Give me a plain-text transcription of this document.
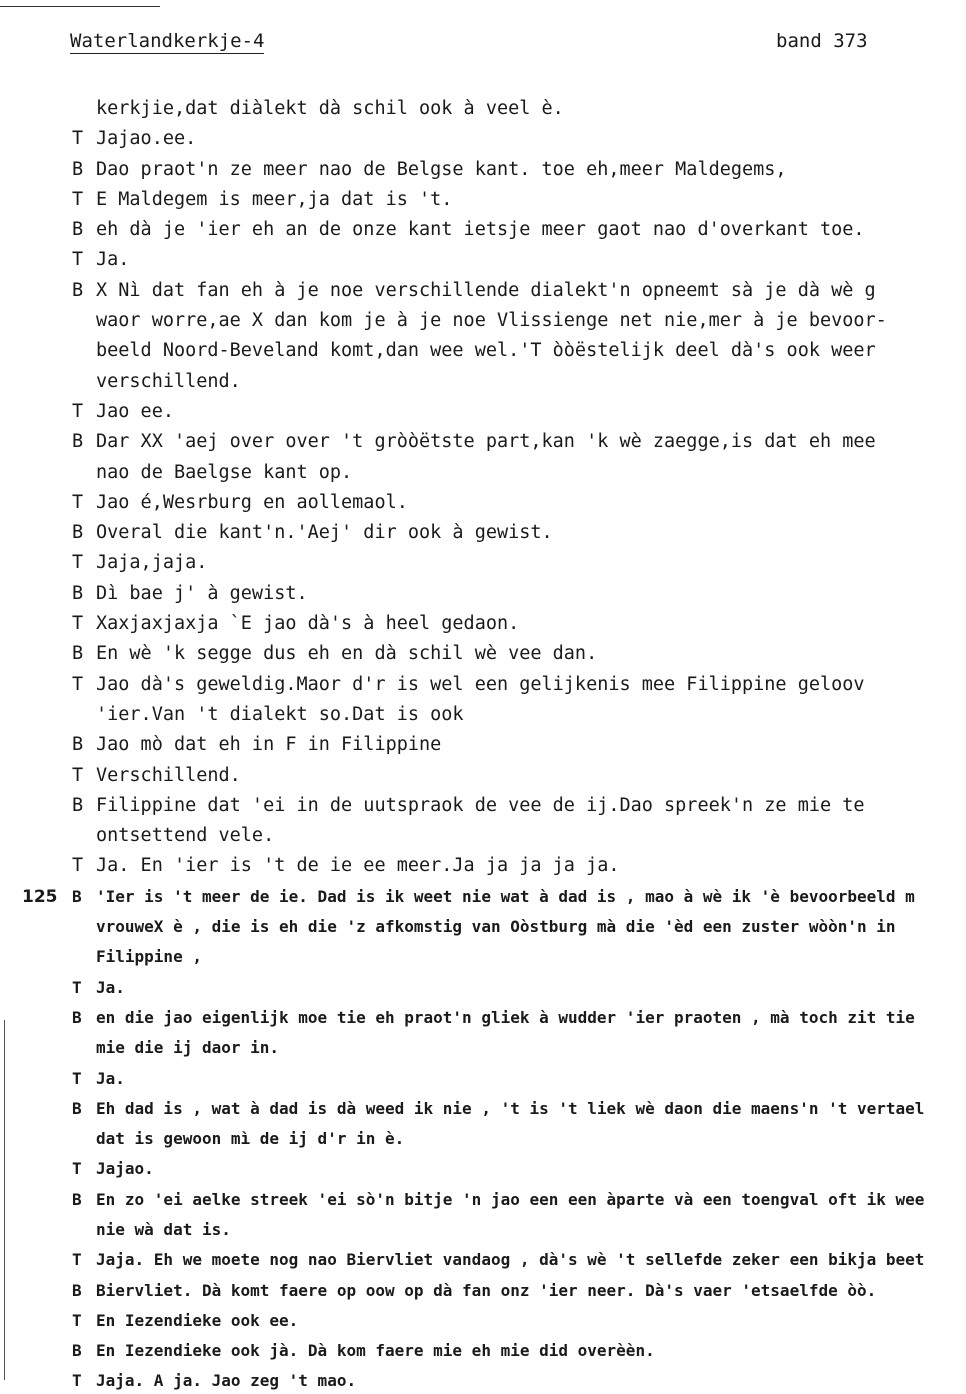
Waterlandkerkje-4	band 373
kerkjie,dat diàlekt dà schil ook à veel è.
T Jajao.ee.
B Dao praot'n ze meer nao de Belgse kant. toe eh,meer Maldegems,
T E Maldegem is meer,ja dat is 't.
B eh dà je 'ier eh an de onze kant ietsje meer gaot nao d'overkant toe.
T Ja.
B X Nì dat fan eh à je noe verschillende dialekt'n opneemt sà je dà wè g
waor worre,ae X dan kom je à je noe Vlissienge net nie,mer à je bevoor-
beeld Noord-Beveland komt,dan wee wel.'T òòëstelijk deel dà's ook weer
verschillend.
T Jao ee.
B Dar XX 'aej over over 't gròòëtste part,kan 'k wè zaegge,is dat eh mee
nao de Baelgse kant op.
T Jao é,Wesrburg en aollemaol.
B Overal die kant'n.'Aej' dir ook à gewist.
T Jaja,jaja.
B Dì bae j' à gewist.
T Xaxjaxjaxja `E jao dà's à heel gedaon.
B En wè 'k segge dus eh en dà schil wè vee dan.
T Jao dà's geweldig.Maor d'r is wel een gelijkenis mee Filippine geloov
'ier.Van 't dialekt so.Dat is ook
B Jao mò dat eh in F in Filippine
T Verschillend.
B Filippine dat 'ei in de uutspraok de vee de ij.Dao spreek'n ze mie te
ontsettend vele.
T Ja. En 'ier is 't de ie ee meer.Ja ja ja ja ja.
125 B 'Ier is 't meer de ie. Dad is ik weet nie wat à dad is , mao à wè ik 'è bevoorbeeld m
vrouweX è , die is eh die 'z afkomstig van Oòstburg mà die 'èd een zuster wòòn'n in
Filippine ,
T Ja.
B en die jao eigenlijk moe tie eh praot'n gliek à wudder 'ier praoten , mà toch zit tie
mie die ij daor in.
T Ja.
B Eh dad is , wat à dad is dà weed ik nie , 't is 't liek wè daon die maens'n 't vertael
dat is gewoon mì de ij d'r in è.
T Jajao.
B En zo 'ei aelke streek 'ei sò'n bitje 'n jao een een àparte và een toengval oft ik wee
nie wà dat is.
T Jaja. Eh we moete nog nao Biervliet vandaog , dà's wè 't sellefde zeker een bikja beet
B Biervliet. Dà komt faere op oow op dà fan onz 'ier neer. Dà's vaer 'etsaelfde òò.
T En Iezendieke ook ee.
B En Iezendieke ook jà. Dà kom faere mie eh mie did overèèn.
T Jaja. A ja. Jao zeg 't mao.
